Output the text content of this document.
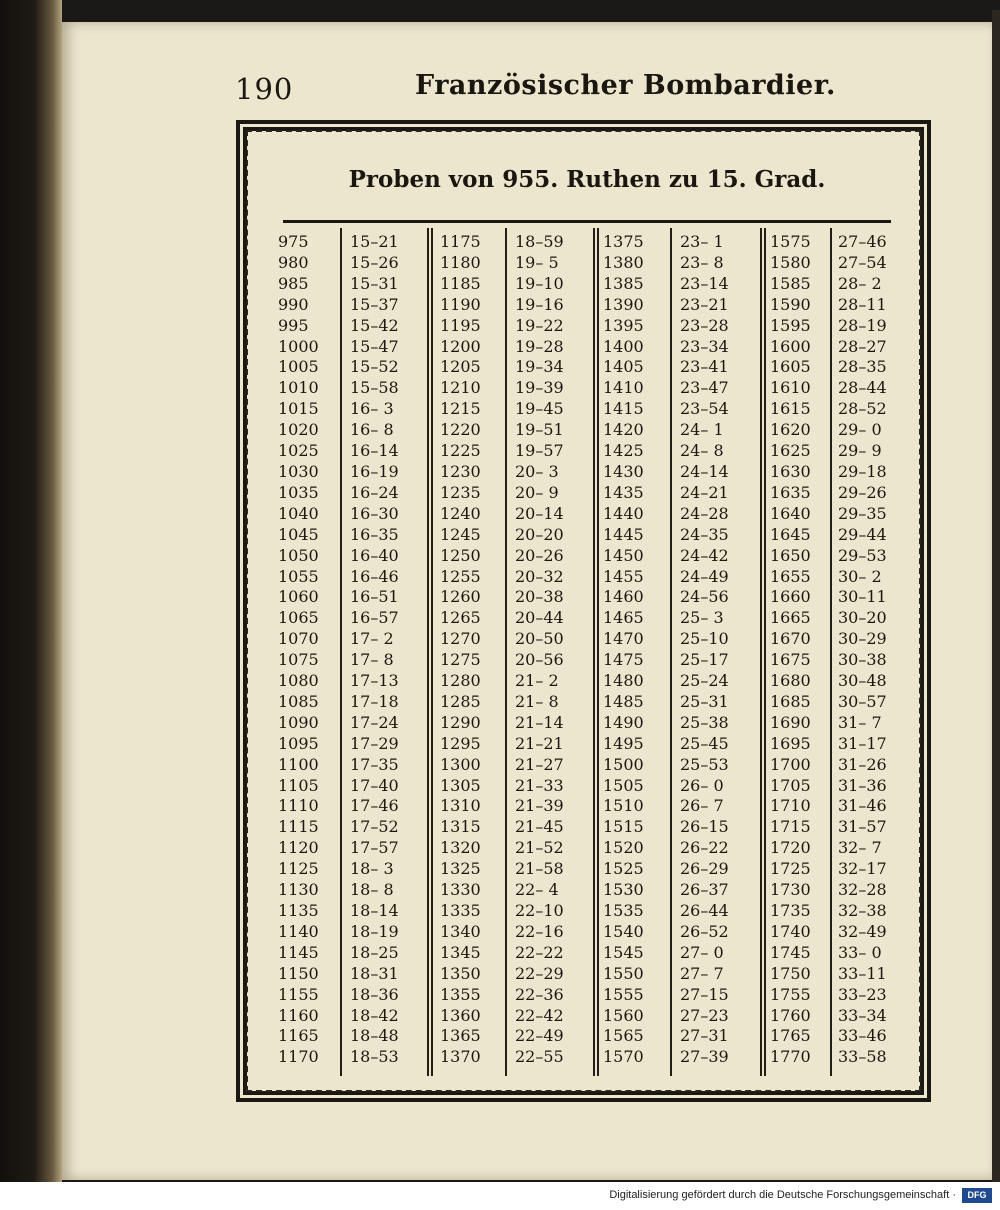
190	Französischer Bombardier.
Proben von 955. Ruthen zu 15. Grad.
975
980
985
990
995
1000
1005
1010
1015
1020
1025
1030
1035
1040
1045
1050
1055
1060
1065
1070
1075
1080
1085
1090
1095
1100
1105
1110
1115
1120
1125
1130
1135
1140
1145
1150
1155
1160
1165
1170
15–21
15–26
15–31
15–37
15–42
15–47
15–52
15–58
16– 3
16– 8
16–14
16–19
16–24
16–30
16–35
16–40
16–46
16–51
16–57
17– 2
17– 8
17–13
17–18
17–24
17–29
17–35
17–40
17–46
17–52
17–57
18– 3
18– 8
18–14
18–19
18–25
18–31
18–36
18–42
18–48
18–53
1175
1180
1185
1190
1195
1200
1205
1210
1215
1220
1225
1230
1235
1240
1245
1250
1255
1260
1265
1270
1275
1280
1285
1290
1295
1300
1305
1310
1315
1320
1325
1330
1335
1340
1345
1350
1355
1360
1365
1370
18–59
19– 5
19–10
19–16
19–22
19–28
19–34
19–39
19–45
19–51
19–57
20– 3
20– 9
20–14
20–20
20–26
20–32
20–38
20–44
20–50
20–56
21– 2
21– 8
21–14
21–21
21–27
21–33
21–39
21–45
21–52
21–58
22– 4
22–10
22–16
22–22
22–29
22–36
22–42
22–49
22–55
1375
1380
1385
1390
1395
1400
1405
1410
1415
1420
1425
1430
1435
1440
1445
1450
1455
1460
1465
1470
1475
1480
1485
1490
1495
1500
1505
1510
1515
1520
1525
1530
1535
1540
1545
1550
1555
1560
1565
1570
23– 1
23– 8
23–14
23–21
23–28
23–34
23–41
23–47
23–54
24– 1
24– 8
24–14
24–21
24–28
24–35
24–42
24–49
24–56
25– 3
25–10
25–17
25–24
25–31
25–38
25–45
25–53
26– 0
26– 7
26–15
26–22
26–29
26–37
26–44
26–52
27– 0
27– 7
27–15
27–23
27–31
27–39
1575
1580
1585
1590
1595
1600
1605
1610
1615
1620
1625
1630
1635
1640
1645
1650
1655
1660
1665
1670
1675
1680
1685
1690
1695
1700
1705
1710
1715
1720
1725
1730
1735
1740
1745
1750
1755
1760
1765
1770
27–46
27–54
28– 2
28–11
28–19
28–27
28–35
28–44
28–52
29– 0
29– 9
29–18
29–26
29–35
29–44
29–53
30– 2
30–11
30–20
30–29
30–38
30–48
30–57
31– 7
31–17
31–26
31–36
31–46
31–57
32– 7
32–17
32–28
32–38
32–49
33– 0
33–11
33–23
33–34
33–46
33–58
Digitalisierung gefördert durch die Deutsche Forschungsgemeinschaft ·	DFG
